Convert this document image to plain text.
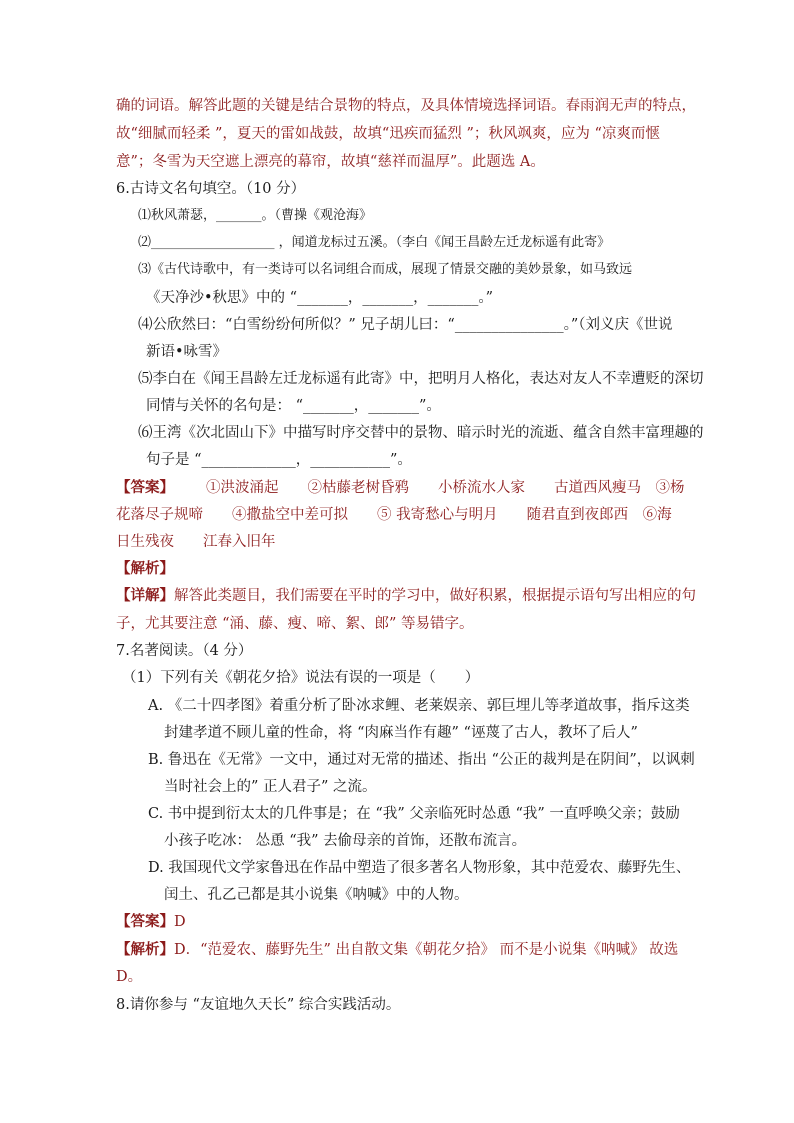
确的词语。解答此题的关键是结合景物的特点，及具体情境选择词语。春雨润无声的特点，
故“细腻而轻柔 ”，夏天的雷如战鼓，故填“迅疾而猛烈 ”；秋风飒爽，应为 “凉爽而惬
意”；冬雪为天空遮上漂亮的幕帘，故填“慈祥而温厚”。此题选 A。
6.古诗文名句填空。（10 分）
⑴秋风萧瑟，_______。（曹操《观沧海》
⑵___________________ ，闻道龙标过五溪。（李白《闻王昌龄左迁龙标遥有此寄》
⑶《古代诗歌中，有一类诗可以名词组合而成，展现了情景交融的美妙景象，如马致远
《天净沙•秋思》中的 “_______，_______，_______。”
⑷公欣然曰：“白雪纷纷何所似？” 兄子胡儿曰：“_______________。”（刘义庆《世说
新语•咏雪》
⑸李白在《闻王昌龄左迁龙标遥有此寄》中，把明月人格化，表达对友人不幸遭贬的深切
同情与关怀的名句是： “_______，_______”。
⑹王湾《次北固山下》中描写时序交替中的景物、暗示时光的流逝、蕴含自然丰富理趣的
句子是 “_____________，___________”。
【答案】 ①洪波涌起　　②枯藤老树昏鸦　　小桥流水人家　　古道西风瘦马　③杨
花落尽子规啼　　④撒盐空中差可拟　　⑤ 我寄愁心与明月　　随君直到夜郎西　⑥海
日生残夜　　江春入旧年
【解析】
【详解】解答此类题目，我们需要在平时的学习中，做好积累，根据提示语句写出相应的句
子，尤其要注意 “涌、藤、瘦、啼、絮、郎” 等易错字。
7.名著阅读。（4 分）
（1）下列有关《朝花夕拾》说法有误的一项是（　　）
A. 《二十四孝图》着重分析了卧冰求鲤、老莱娱亲、郭巨埋儿等孝道故事，指斥这类
封建孝道不顾儿童的性命，将 “肉麻当作有趣” “诬蔑了古人，教坏了后人”
B. 鲁迅在《无常》一文中，通过对无常的描述、指出 “公正的裁判是在阴间”，以讽刺
当时社会上的” 正人君子” 之流。
C. 书中提到衍太太的几件事是；在 “我” 父亲临死时怂恿 “我” 一直呼唤父亲；鼓励
小孩子吃冰： 怂恿 “我” 去偷母亲的首饰，还散布流言。
D. 我国现代文学家鲁迅在作品中塑造了很多著名人物形象，其中范爱农、藤野先生、
闰土、孔乙己都是其小说集《呐喊》中的人物。
【答案】D
【解析】D．“范爱农、藤野先生” 出自散文集《朝花夕拾》 而不是小说集《呐喊》 故选
D。
8.请你参与 “友谊地久天长” 综合实践活动。
